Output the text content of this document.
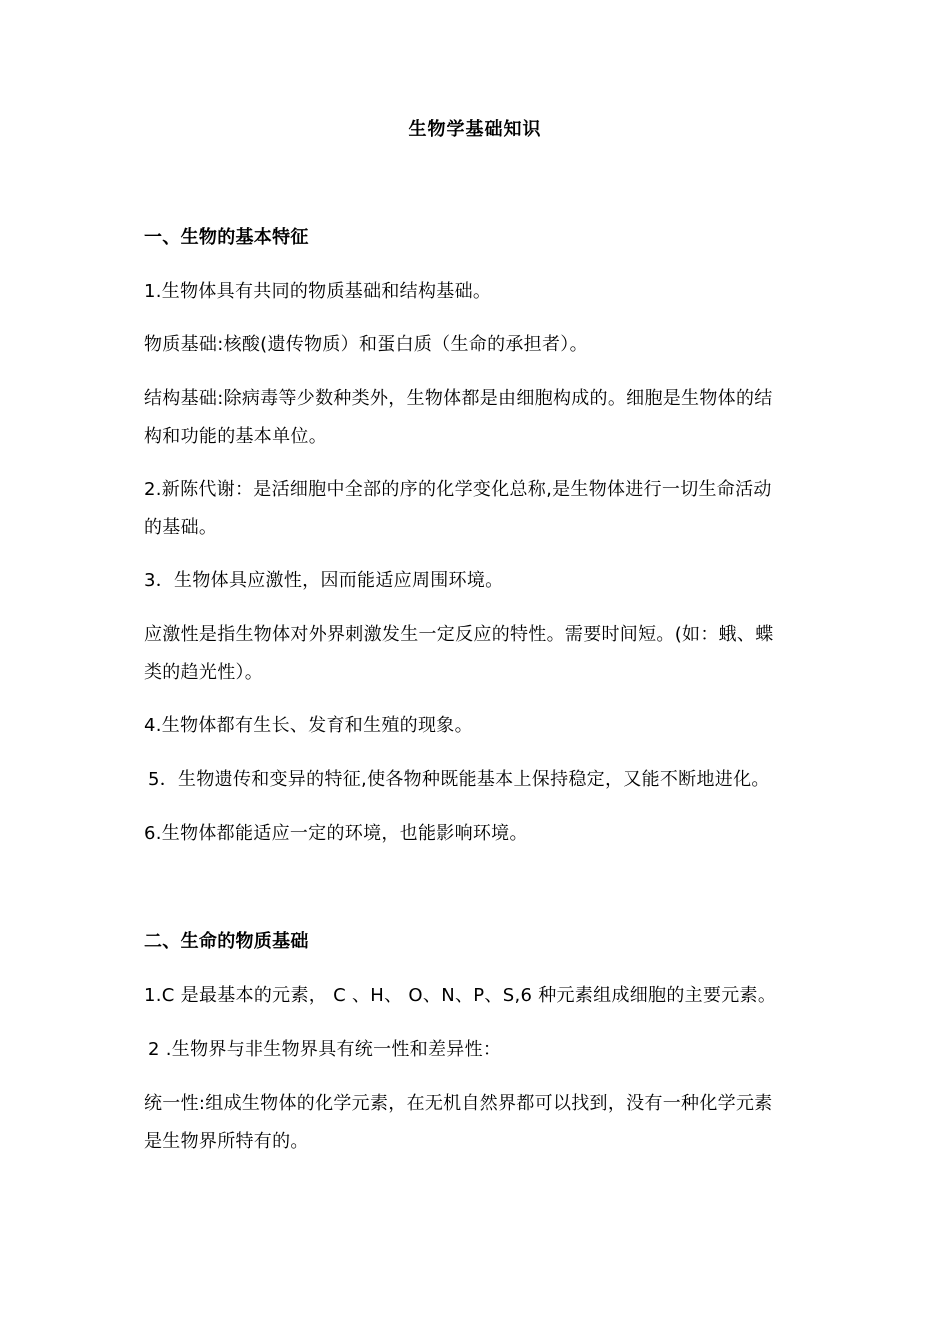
生物学基础知识
一、生物的基本特征
1.生物体具有共同的物质基础和结构基础。
物质基础:核酸(遗传物质）和蛋白质（生命的承担者）。
结构基础:除病毒等少数种类外，生物体都是由细胞构成的。细胞是生物体的结
构和功能的基本单位。
2.新陈代谢：是活细胞中全部的序的化学变化总称,是生物体进行一切生命活动
的基础。
3．生物体具应激性，因而能适应周围环境。
应激性是指生物体对外界刺激发生一定反应的特性。需要时间短。(如：蛾、蝶
类的趋光性）。
4.生物体都有生长、发育和生殖的现象。
5．生物遗传和变异的特征,使各物种既能基本上保持稳定，又能不断地进化。
6.生物体都能适应一定的环境，也能影响环境。
二、生命的物质基础
1.C 是最基本的元素， C 、H、 O、N、P、S,6 种元素组成细胞的主要元素。
2 .生物界与非生物界具有统一性和差异性：
统一性:组成生物体的化学元素，在无机自然界都可以找到，没有一种化学元素
是生物界所特有的。
